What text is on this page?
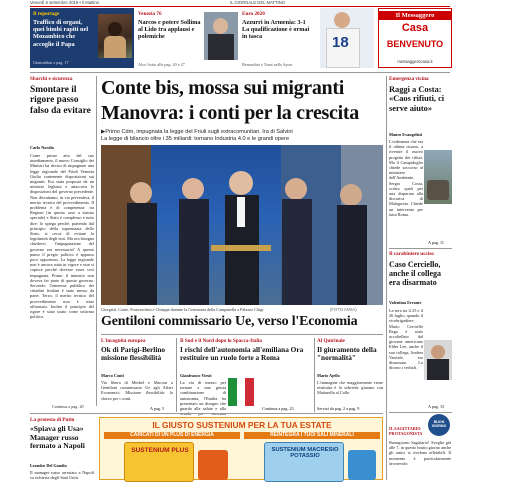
Venerdì 6 settembre 2019 • Il Mattino	IL GIORNALE DEL MATTINO
Il reportage
Traffico di organi, quei bimbi rapiti nel Mozambico che accoglie il Papa
Giansaldari a pag. 17
Venezia 76
Narcos e potere Sollima al Lido tra applausi e polemiche
Alvo Sotto alle pag. 20 e 27
Euro 2020
Azzurri in Armenia: 3-1 La qualificazione è ormai in tasca
Bernardini e Trani nello Sport
18
Il Messaggero
Casa
BENVENUTO
messaggerocasa.it
Sbarchi e sicurezza
Smontare il rigore passo falso da evitare
Carlo Nordio
Come primo atto del suo insediamento, il nuovo Consiglio dei Ministri ha deciso di impugnare una legge regionale del Friuli Venezia Giulia contenente disposizioni sui migranti. Era stata proposta da un ministro leghista e attaccava le disposizioni del governo precedente. Non discutiamo, in via preventiva, il merito tecnico del provvedimento. Il problema è di competenza: tra Regioni (in questo caso a statuto speciale) e Stato è complesso e tutto dire: lo spiega perché, partendo dal principio della supremazia dello Stato, si cerca di evitare la legittimità degli enti. Ma ora bisogna chiedersi: l'impugnazione del governo era necessaria? A questo punto il pregio politico è apparso poco opportuno. La legge regionale non è ancora stata in vigore e non si capisce perché dovesse esser così impugnata. Primo: il ministro non doveva far parte di questo governo. Secondo: l'interesse pubblico dei cittadini friulani è stato messo da parte. Terzo, il merito tecnico del provvedimento non è stato affrontato. Inoltre il principio del rigore è stato usato come un'arma politica.
Continua a pag. 20
Conte bis, mossa sui migranti
Manovra: i conti per la crescita
▶Primo Cdm, impugnata la legge del Friuli sugli extracomunitari. Ira di Salvini
La legge di bilancio oltre i 35 miliardi: tornano Industria 4.0 e le grandi opere
Giorgetti, Conte, Franceschini e Chiappa durante la Cerimonia della Campanella a Palazzo Chigi	(FOTO ANSA)
Gentiloni commissario Ue, verso l'Economia
L'incognita europea
Ok di Parigi-Berlino missione flessibilità
Marco Conti
Via libera di Merkel e Macron a Gentiloni commissario Ue agli Affari Economici. Missione flessibilità: lo sforzo per i conti.
A pag. 5
Il Sud e il Nord dopo lo Spacca-Italia
I rischi dell'autonomia all'emiliana Ora restituire un ruolo forte a Roma
Gianfranco Viesti
La via di mezzo per tornare a una giusta combinazione di autonomia, l'Emilia ha presentato un disegno che guarda alla salute e alla	Continua a pag. 23
Al Quirinale
Il giuramento della "normalità"
Mario Ajello
L'immagine che maggiormente viene restituita è la sobrietà: giurano con Mattarella al Colle.
Servizi da pag. 2 a pag. 9
La protesta di Putin
«Spiava gli Usa» Manager russo fermato a Napoli
Leandro Del Gaudio
Il manager russo arrestato a Napoli su richiesta degli Stati Uniti.
IL GIUSTO SUSTENIUM PER LA TUA ESTATE
CARICATI DI UN PLUS DI ENERGIA	REINTEGRA I TUOI SALI MINERALI
SUSTENIUM PLUS	SUSTENIUM MACRESIO POTASSIO
Emergenza vicina
Raggi a Costa: «Caos rifiuti, ci serve aiuto»
Mauro Evangelisti
L'ordinanza che era il ultima risorsa, a rivenire il nuovo progetto dei rifiuti. Ma il Campidoglio chiede soccorso al ministero dell'Ambiente. Sergio Costa, scritto quali per una disperata alla discarica di Malagrotta. Chiede un intervento per tutta Roma.
A pag. 11
Il carabiniere ucciso
Caso Cerciello, anche il collega era disarmato
Valentina Errante
La sera tra il 25 e il 26 luglio, quando il vicebrigadiere Mario Cerciello Rega è stato accoltellato dal giovane americano Elder Lee, anche il suo collega, Andrea Varriale, era disarmato. Lo dicono i verbali.
A pag. 15
IL SAGITTARIO PROTAGONISTA
BUON GIORNO
Buongiorno Sagittario! Sveglia già alle 7, in questo brutto giorno anche gli amici si rivelano affidabili. Il momento è particolarmente favorevole.
